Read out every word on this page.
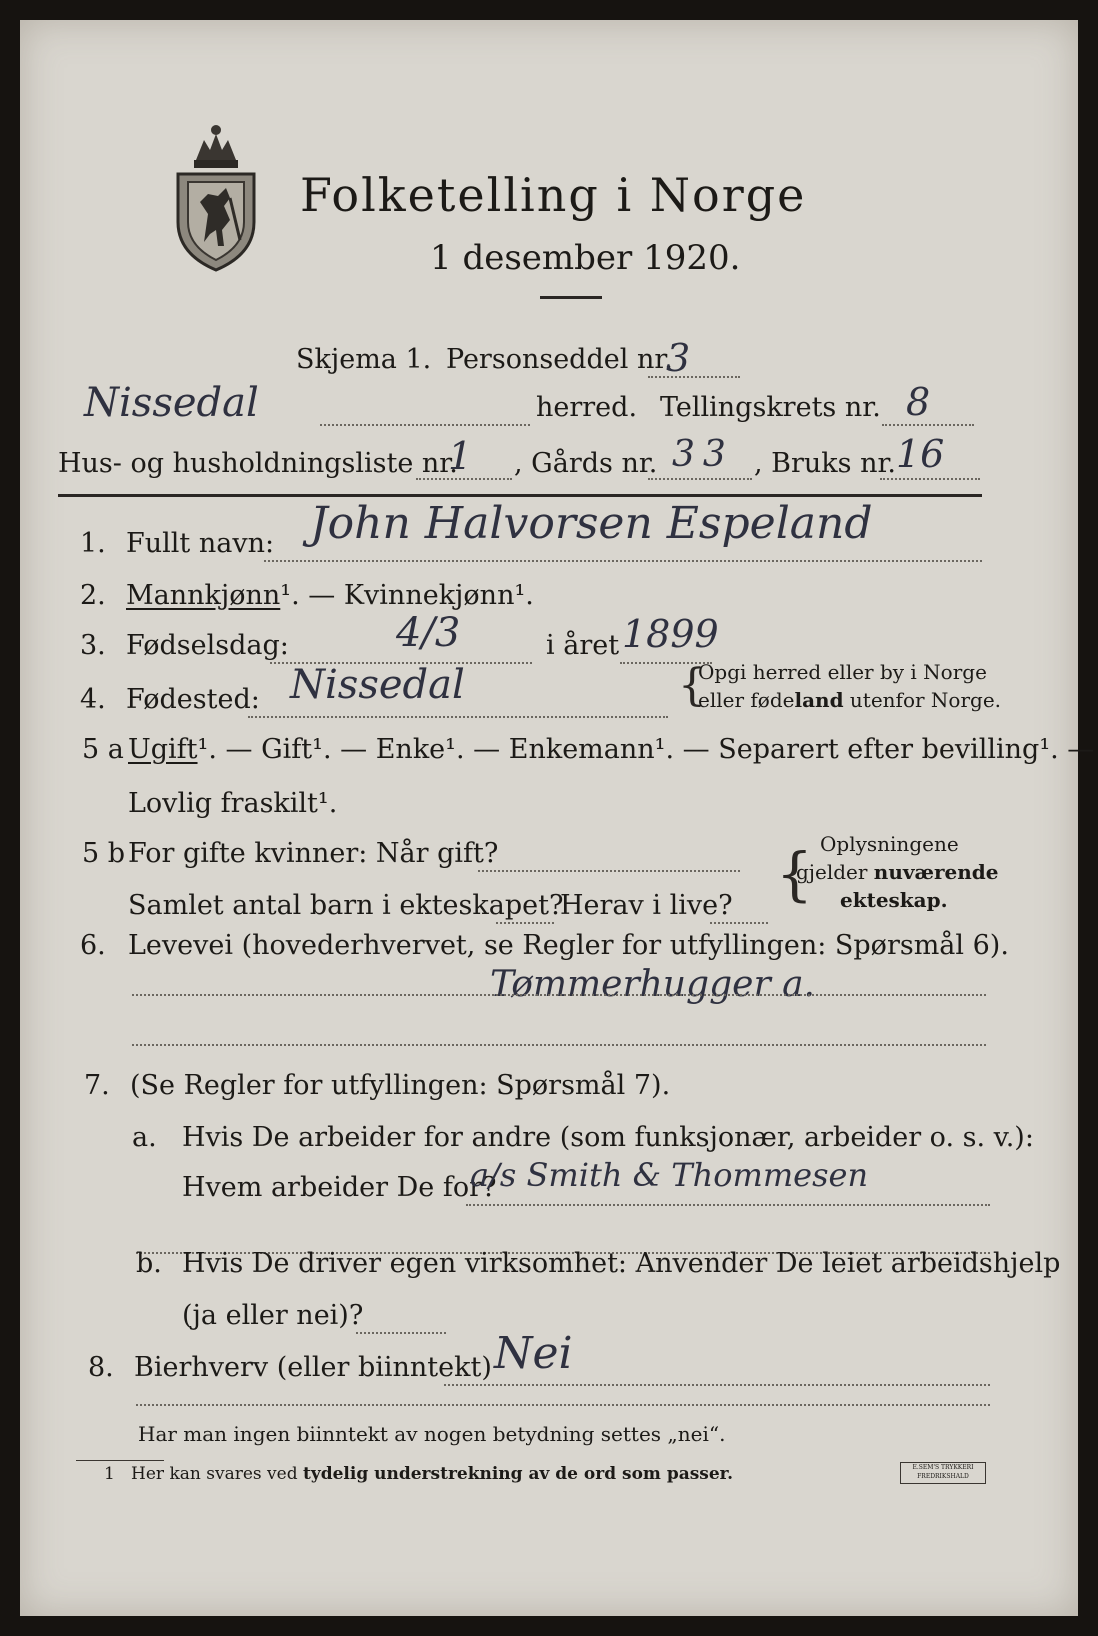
Folketelling i Norge
1 desember 1920.
Skjema 1. Personseddel nr.
3
Nissedal	herred. Tellingskrets nr. 8
Hus- og husholdningsliste nr.
1 , Gårds nr. 33 , Bruks nr. 16
1. Fullt navn: John Halvorsen Espeland
2. Mannkjønn¹. — Kvinnekjønn¹.
3. Fødselsdag:	4/3	i året 1899
4. Fødested: Nissedal	{
Opgi herred eller by i Norge
eller fødeland utenfor Norge.
5 a Ugift¹. — Gift¹. — Enke¹. — Enkemann¹. — Separert efter bevilling¹. —
Lovlig fraskilt¹.
5 b For gifte kvinner: Når gift?
Samlet antal barn i ekteskapet?
Herav i live? { Oplysningene
gjelder nuværende
ekteskap.
6. Levevei (hovederhvervet, se Regler for utfyllingen: Spørsmål 6).
Tømmerhugger a.
7. (Se Regler for utfyllingen: Spørsmål 7).
a. Hvis De arbeider for andre (som funksjonær, arbeider o. s. v.):
Hvem arbeider De for?
a/s Smith & Thommesen
b. Hvis De driver egen virksomhet: Anvender De leiet arbeidshjelp
(ja eller nei)?
8. Bierhverv (eller biinntekt) Nei
Har man ingen biinntekt av nogen betydning settes „nei“.
1 Her kan svares ved tydelig understrekning av de ord som passer.	E.SEM'S TRYKKERI
FREDRIKSHALD
